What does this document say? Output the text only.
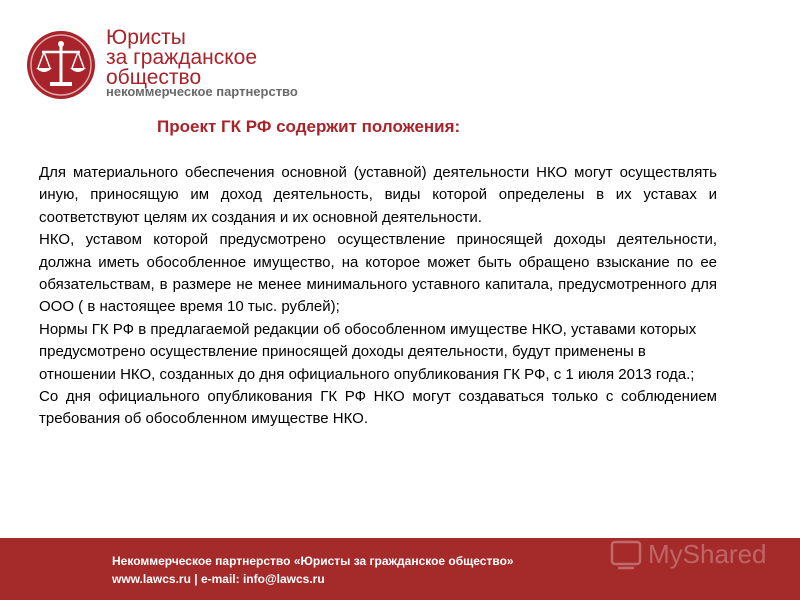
Юристы
за гражданское
общество
некоммерческое партнерство
Проект ГК РФ содержит положения:

Для материального обеспечения основной (уставной) деятельности НКО могут осуществлять иную, приносящую им доход деятельность, виды которой определены в их уставах и соответствуют целям их создания и их основной деятельности.

НКО, уставом которой предусмотрено осуществление приносящей доходы деятельности, должна иметь обособленное имущество, на которое может быть обращено взыскание по ее обязательствам, в размере не менее минимального уставного капитала, предусмотренного для ООО ( в настоящее время 10 тыс. рублей);

Нормы ГК РФ в предлагаемой редакции об обособленном имуществе НКО, уставами которых предусмотрено осуществление приносящей доходы деятельности, будут применены в отношении НКО, созданных до дня официального опубликования ГК РФ, с 1 июля 2013 года.;

Со дня официального опубликования ГК РФ НКО могут создаваться только с соблюдением требования об обособленном имуществе НКО.

Некоммерческое партнерство «Юристы за гражданское общество»
www.lawcs.ru | e-mail: info@lawcs.ru
MyShared
